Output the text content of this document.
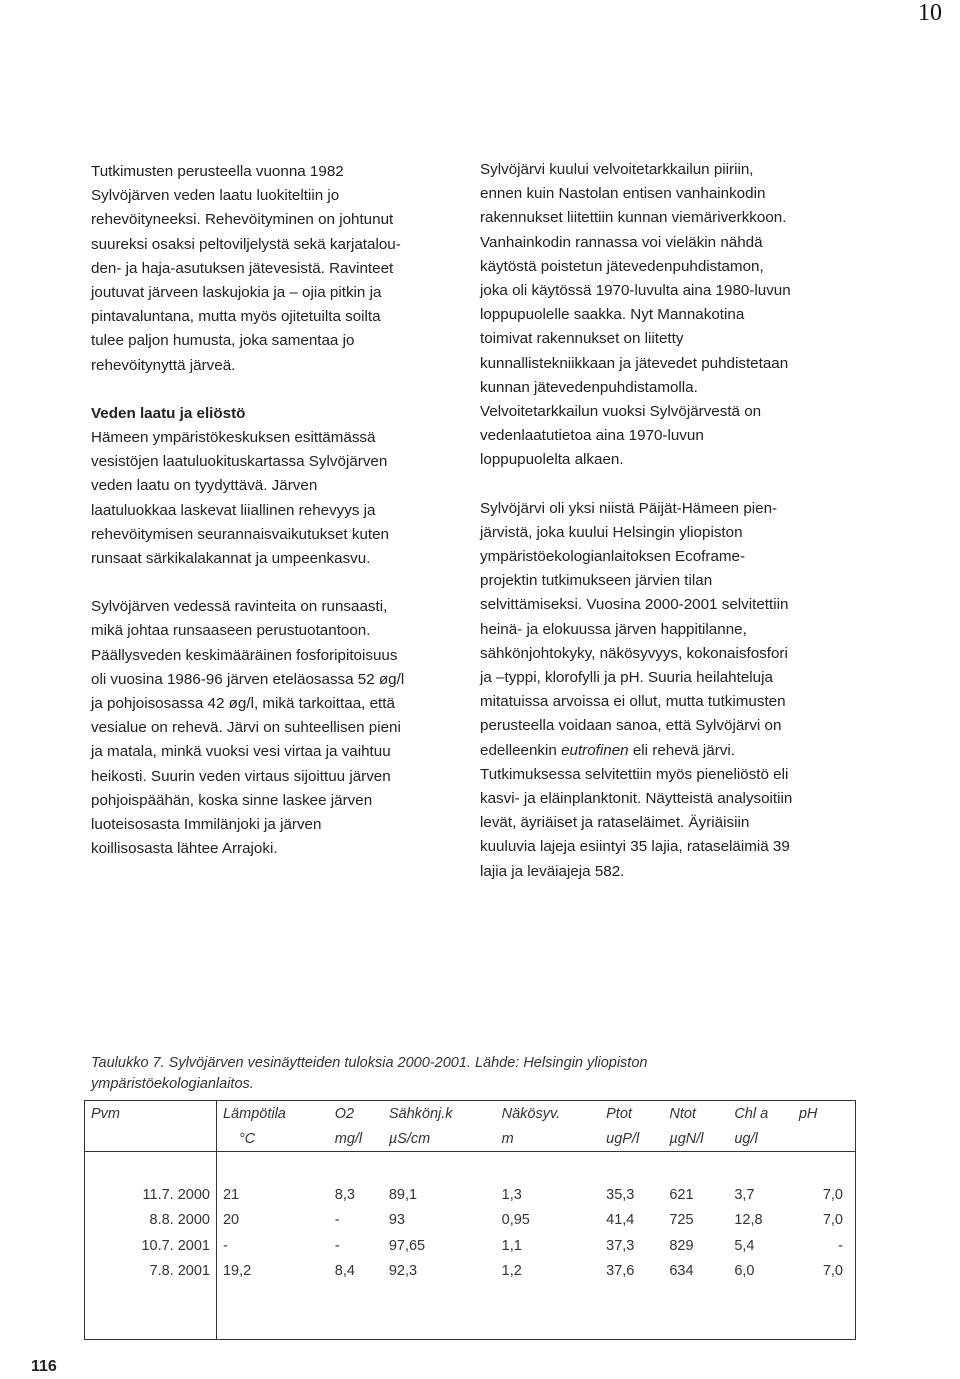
10

Tutkimusten perusteella vuonna 1982
Sylvöjärven veden laatu luokiteltiin jo
rehevöityneeksi. Rehevöityminen on johtunut
suureksi osaksi peltoviljelystä sekä karjatalou-
den- ja haja-asutuksen jätevesistä. Ravinteet
joutuvat järveen laskujokia ja – ojia pitkin ja
pintavaluntana, mutta myös ojitetuilta soilta
tulee paljon humusta, joka samentaa jo
rehevöitynyttä järveä.

Veden laatu ja eliöstö

Hämeen ympäristökeskuksen esittämässä
vesistöjen laatuluokituskartassa Sylvöjärven
veden laatu on tyydyttävä. Järven
laatuluokkaa laskevat liiallinen rehevyys ja
rehevöitymisen seurannaisvaikutukset kuten
runsaat särkikalakannat ja umpeenkasvu.

Sylvöjärven vedessä ravinteita on runsaasti,
mikä johtaa runsaaseen perustuotantoon.
Päällysveden keskimääräinen fosforipitoisuus
oli vuosina 1986-96 järven eteläosassa 52 øg/l
ja pohjoisosassa 42 øg/l, mikä tarkoittaa, että
vesialue on rehevä. Järvi on suhteellisen pieni
ja matala, minkä vuoksi vesi virtaa ja vaihtuu
heikosti. Suurin veden virtaus sijoittuu järven
pohjoispäähän, koska sinne laskee järven
luoteisosasta Immilänjoki ja järven
koillisosasta lähtee Arrajoki.

Sylvöjärvi kuului velvoitetarkkailun piiriin,
ennen kuin Nastolan entisen vanhainkodin
rakennukset liitettiin kunnan viemäriverkkoon.
Vanhainkodin rannassa voi vieläkin nähdä
käytöstä poistetun jätevedenpuhdistamon,
joka oli käytössä 1970-luvulta aina 1980-luvun
loppupuolelle saakka. Nyt Mannakotina
toimivat rakennukset on liitetty
kunnallistekniikkaan ja jätevedet puhdistetaan
kunnan jätevedenpuhdistamolla.
Velvoitetarkkailun vuoksi Sylvöjärvestä on
vedenlaatutietoa aina 1970-luvun
loppupuolelta alkaen.

Sylvöjärvi oli yksi niistä Päijät-Hämeen pien-
järvistä, joka kuului Helsingin yliopiston
ympäristöekologianlaitoksen Ecoframe-
projektin tutkimukseen järvien tilan
selvittämiseksi. Vuosina 2000-2001 selvitettiin
heinä- ja elokuussa järven happitilanne,
sähkönjohtokyky, näkösyvyys, kokonaisfosfori
ja –typpi, klorofylli ja pH. Suuria heilahteluja
mitatuissa arvoissa ei ollut, mutta tutkimusten
perusteella voidaan sanoa, että Sylvöjärvi on
edelleenkin eutrofinen eli rehevä järvi.
Tutkimuksessa selvitettiin myös pieneliöstö eli
kasvi- ja eläinplanktonit. Näytteistä analysoitiin
levät, äyriäiset ja rataseläimet. Äyriäisiin
kuuluvia lajeja esiintyi 35 lajia, rataseläimiä 39
lajia ja leväiajeja 582.

Taulukko 7. Sylvöjärven vesinäytteiden tuloksia 2000-2001. Lähde: Helsingin yliopiston
ympäristöekologianlaitos.
Pvm	Lämpötila	O2	Sähkönj.k	Näkösyv.	Ptot	Ntot	Chl a	pH
	°C	mg/l	µS/cm	m	ugP/l	µgN/l	ug/l	

11.7. 2000	21	8,3	89,1	1,3	35,3	621	3,7	7,0
8.8. 2000	20	-	93	0,95	41,4	725	12,8	7,0
10.7. 2001	-	-	97,65	1,1	37,3	829	5,4	-
7.8. 2001	19,2	8,4	92,3	1,2	37,6	634	6,0	7,0

116
